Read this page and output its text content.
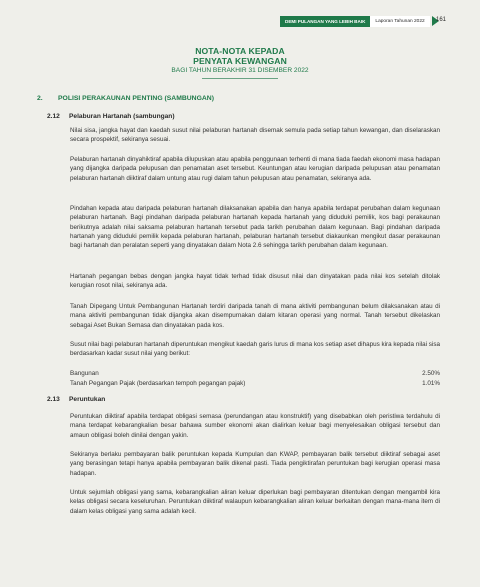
DEMI PULANGAN YANG LEBIH BAIK	Laporan Tahunan 2022	161
NOTA-NOTA KEPADA
PENYATA KEWANGAN
BAGI TAHUN BERAKHIR 31 DISEMBER 2022
2. POLISI PERAKAUNAN PENTING (SAMBUNGAN)
2.12 Pelaburan Hartanah (sambungan)

Nilai sisa, jangka hayat dan kaedah susut nilai pelaburan hartanah disemak semula pada setiap tahun kewangan, dan diselaraskan secara prospektif, sekiranya sesuai.

Pelaburan hartanah dinyahiktiraf apabila dilupuskan atau apabila penggunaan terhenti di mana tiada faedah ekonomi masa hadapan yang dijangka daripada pelupusan dan penamatan aset tersebut. Keuntungan atau kerugian daripada pelupusan atau penamatan pelaburan hartanah diiktiraf dalam untung atau rugi dalam tahun pelupusan atau penamatan, sekiranya ada.

Pindahan kepada atau daripada pelaburan hartanah dilaksanakan apabila dan hanya apabila terdapat perubahan dalam kegunaan pelaburan hartanah. Bagi pindahan daripada pelaburan hartanah kepada hartanah yang diduduki pemilik, kos bagi perakaunan berikutnya adalah nilai saksama pelaburan hartanah tersebut pada tarikh perubahan dalam kegunaan. Bagi pindahan daripada hartanah yang diduduki pemilik kepada pelaburan hartanah, pelaburan hartanah tersebut diakaunkan mengikut dasar perakaunan bagi hartanah dan peralatan seperti yang dinyatakan dalam Nota 2.6 sehingga tarikh perubahan dalam kegunaan.

Hartanah pegangan bebas dengan jangka hayat tidak terhad tidak disusut nilai dan dinyatakan pada nilai kos setelah ditolak kerugian rosot nilai, sekiranya ada.

Tanah Dipegang Untuk Pembangunan Hartanah terdiri daripada tanah di mana aktiviti pembangunan belum dilaksanakan atau di mana aktiviti pembangunan tidak dijangka akan disempurnakan dalam kitaran operasi yang normal. Tanah tersebut dikelaskan sebagai Aset Bukan Semasa dan dinyatakan pada kos.

Susut nilai bagi pelaburan hartanah diperuntukan mengikut kaedah garis lurus di mana kos setiap aset dihapus kira kepada nilai sisa berdasarkan kadar susut nilai yang berikut:

Bangunan	2.50%
Tanah Pegangan Pajak (berdasarkan tempoh pegangan pajak)	1.01%
2.13 Peruntukan

Peruntukan diiktiraf apabila terdapat obligasi semasa (perundangan atau konstruktif) yang disebabkan oleh peristiwa terdahulu di mana terdapat kebarangkalian besar bahawa sumber ekonomi akan dialirkan keluar bagi menyelesaikan obligasi tersebut dan amaun obligasi boleh dinilai dengan yakin.

Sekiranya berlaku pembayaran balik peruntukan kepada Kumpulan dan KWAP, pembayaran balik tersebut diiktiraf sebagai aset yang berasingan tetapi hanya apabila pembayaran balik dikenal pasti. Tiada pengiktirafan peruntukan bagi kerugian operasi masa hadapan.

Untuk sejumlah obligasi yang sama, kebarangkalian aliran keluar diperlukan bagi pembayaran ditentukan dengan mengambil kira kelas obligasi secara keseluruhan. Peruntukan diiktiraf walaupun kebarangkalian aliran keluar berkaitan dengan mana-mana item di dalam kelas obligasi yang sama adalah kecil.
